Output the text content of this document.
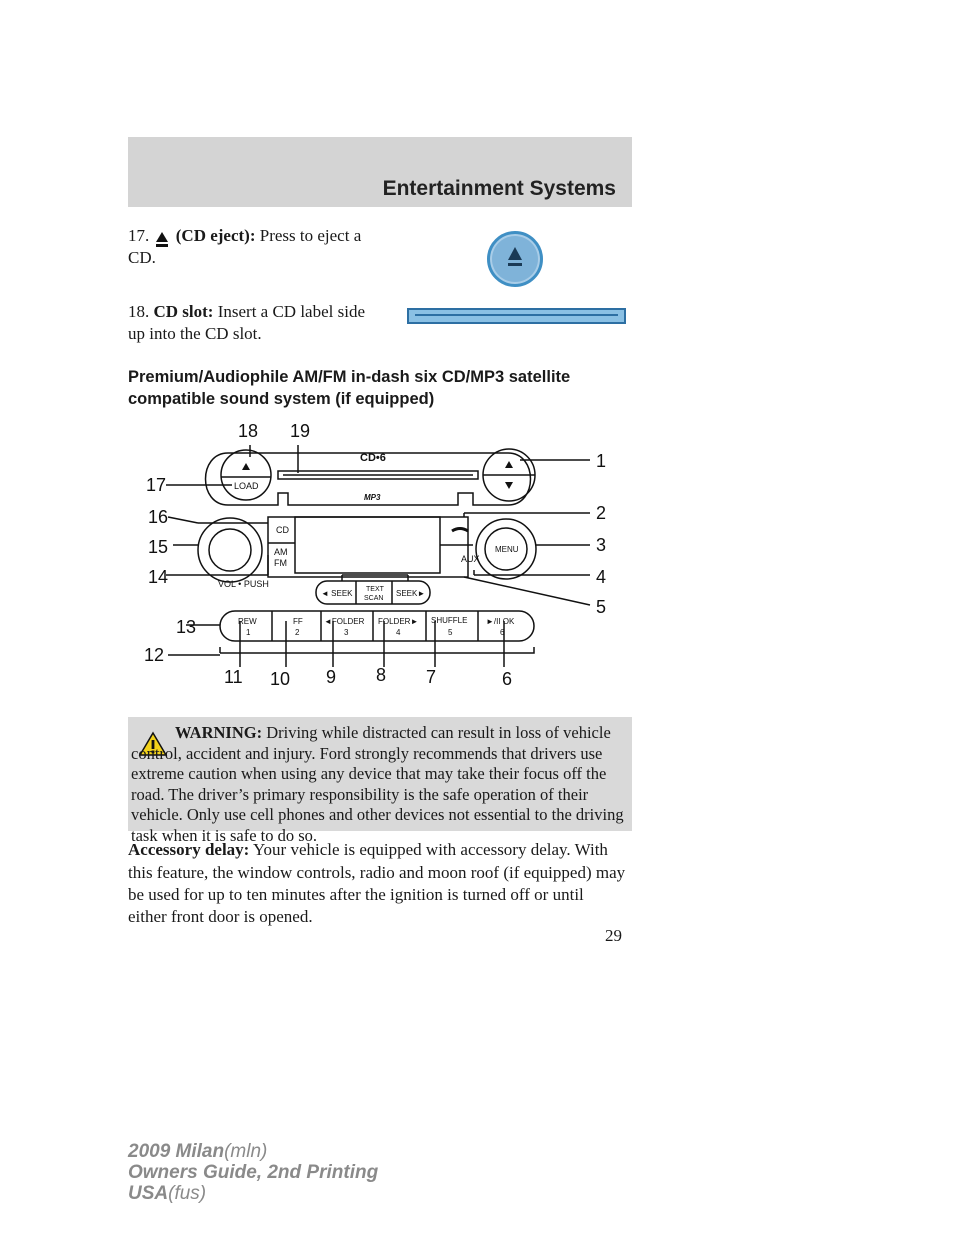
Entertainment Systems
17. (CD eject): Press to eject a
CD.
18. CD slot: Insert a CD label side
up into the CD slot.
Premium/Audiophile AM/FM in-dash six CD/MP3 satellite
compatible sound system (if equipped)
CD•6
MP3
LOAD
CD
AM
FM
VOL • PUSH
MENU
AUX
◄ SEEK TEXT
SCAN
SEEK►
REW
1
FF
2
◄FOLDER
3
FOLDER►
4
SHUFFLE
5
►/II OK
6
18 19
17
16
15
14
13
12
11 10 9 8 7	6
1
2
3
4
5
WARNING: Driving while distracted can result in loss of vehicle control, accident and injury. Ford strongly recommends that drivers use extreme caution when using any device that may take their focus off the road. The driver’s primary responsibility is the safe operation of their vehicle. Only use cell phones and other devices not essential to the driving task when it is safe to do so.
Accessory delay: Your vehicle is equipped with accessory delay. With
this feature, the window controls, radio and moon roof (if equipped) may
be used for up to ten minutes after the ignition is turned off or until
either front door is opened.
29
2009 Milan(mln)
Owners Guide, 2nd Printing
USA(fus)
